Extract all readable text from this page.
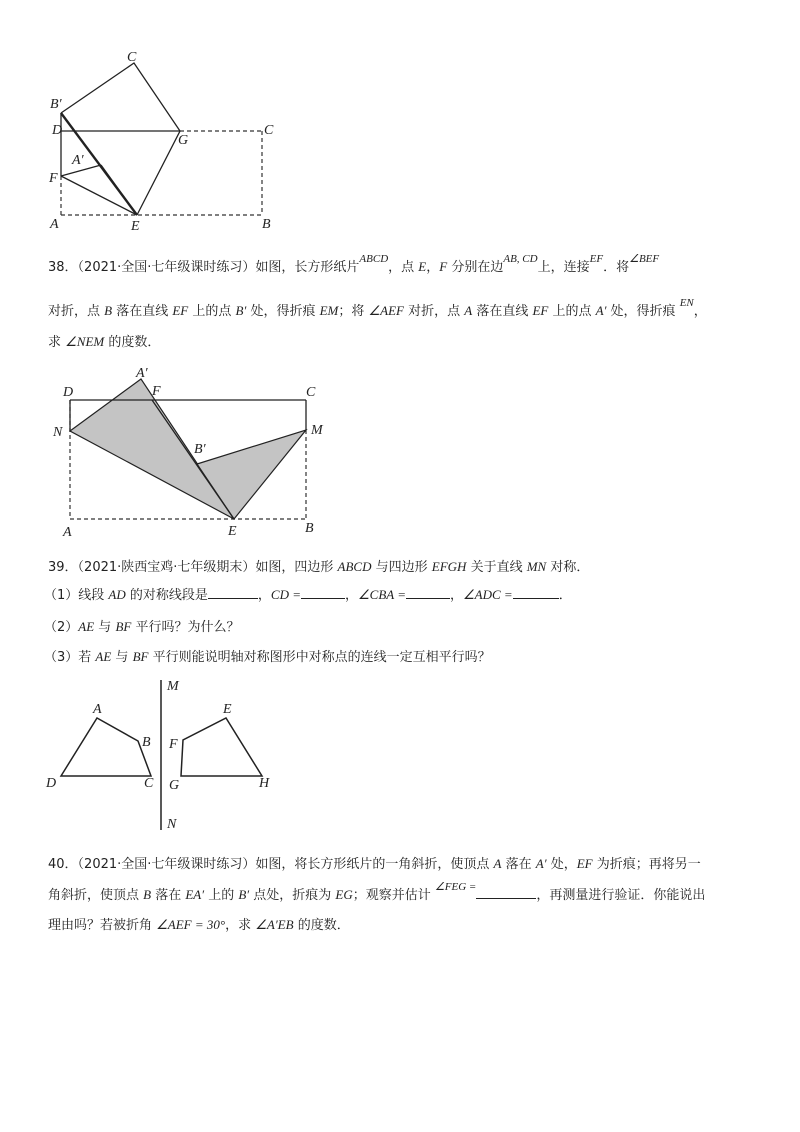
C
B′
D
G
C
A′
F
A	E	B
38．（2021·全国·七年级课时练习）如图，长方形纸片$^{ABCD}$，点 E，F 分别在边$^{AB, CD}$上，连接$^{EF}$．将$^{\angle BEF}$
对折，点 B 落在直线 EF 上的点 B′ 处，得折痕 EM；将 ∠AEF 对折，点 A 落在直线 EF 上的点 A′ 处，得折痕 $^{EN}$，
求 ∠NEM 的度数．
D
A′
F	C
N	M
B′
A	E	B
39．（2021·陕西宝鸡·七年级期末）如图，四边形 ABCD 与四边形 EFGH 关于直线 MN 对称．
（1）线段 AD 的对称线段是	，CD =	，∠CBA =	，∠ADC =	．
（2）AE 与 BF 平行吗？为什么？
（3）若 AE 与 BF 平行则能说明轴对称图形中对称点的连线一定互相平行吗？
M
A	E
B F
D	C G	H
N
40．（2021·全国·七年级课时练习）如图，将长方形纸片的一角斜折，使顶点 A 落在 A′ 处，EF 为折痕；再将另一
角斜折，使顶点 B 落在 EA′ 上的 B′ 点处，折痕为 EG；观察并估计 $^{\angle FEG =}$，再测量进行验证．你能说出
理由吗？若被折角 ∠AEF = 30°，求 ∠A′EB 的度数．
